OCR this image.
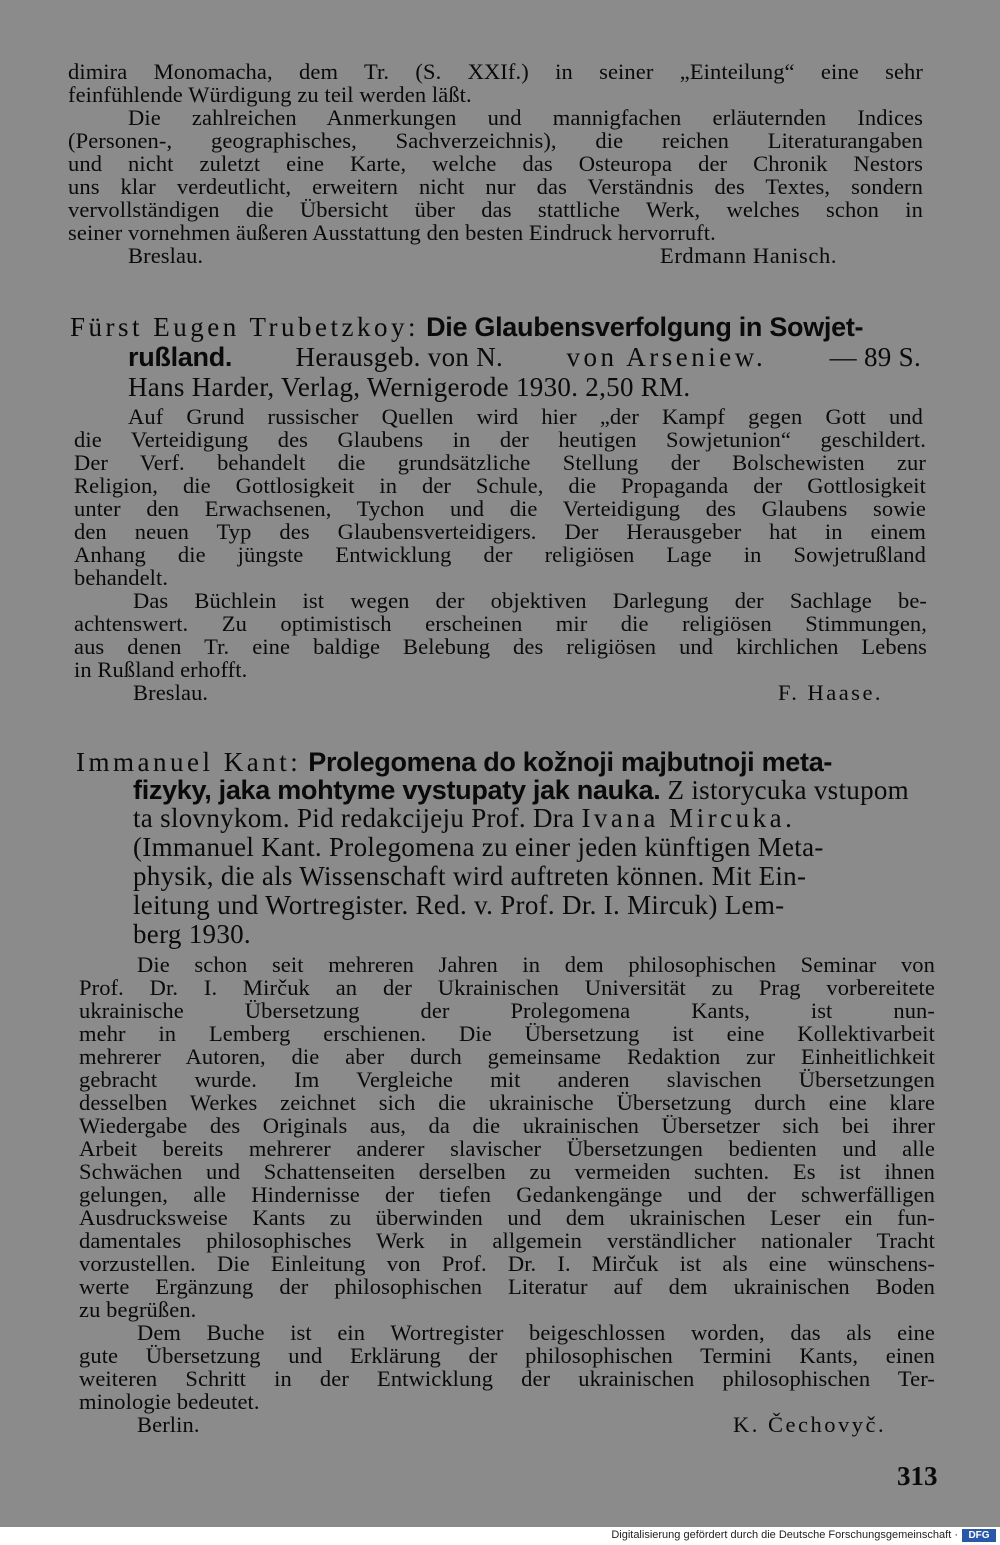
dimira Monomacha, dem Tr. (S. XXIf.) in seiner „Einteilung“ eine sehr
feinfühlende Würdigung zu teil werden läßt.
Die zahlreichen Anmerkungen und mannigfachen erläuternden Indices
(Personen-, geographisches, Sachverzeichnis), die reichen Literaturangaben
und nicht zuletzt eine Karte, welche das Osteuropa der Chronik Nestors
uns klar verdeutlicht, erweitern nicht nur das Verständnis des Textes, sondern
vervollständigen die Übersicht über das stattliche Werk, welches schon in
seiner vornehmen äußeren Ausstattung den besten Eindruck hervorruft.
Breslau.	Erdmann Hanisch.
Fürst Eugen Trubetzkoy: Die Glaubensverfolgung in Sowjet-
rußland. Herausgeb. von N. von Arseniew. — 89 S.
Hans Harder, Verlag, Wernigerode 1930. 2,50 RM.
Auf Grund russischer Quellen wird hier „der Kampf gegen Gott und
die Verteidigung des Glaubens in der heutigen Sowjetunion“ geschildert.
Der Verf. behandelt die grundsätzliche Stellung der Bolschewisten zur
Religion, die Gottlosigkeit in der Schule, die Propaganda der Gottlosigkeit
unter den Erwachsenen, Tychon und die Verteidigung des Glaubens sowie
den neuen Typ des Glaubensverteidigers. Der Herausgeber hat in einem
Anhang die jüngste Entwicklung der religiösen Lage in Sowjetrußland
behandelt.
Das Büchlein ist wegen der objektiven Darlegung der Sachlage be-
achtenswert. Zu optimistisch erscheinen mir die religiösen Stimmungen,
aus denen Tr. eine baldige Belebung des religiösen und kirchlichen Lebens
in Rußland erhofft.
Breslau.	F. Haase.
Immanuel Kant: Prolegomena do kožnoji majbutnoji meta-
fizyky, jaka mohtyme vystupaty jak nauka. Z istorycuka vstupom
ta slovnykom. Pid redakcijeju Prof. Dra Ivana Mircuka.
(Immanuel Kant. Prolegomena zu einer jeden künftigen Meta-
physik, die als Wissenschaft wird auftreten können. Mit Ein-
leitung und Wortregister. Red. v. Prof. Dr. I. Mircuk) Lem-
berg 1930.
Die schon seit mehreren Jahren in dem philosophischen Seminar von
Prof. Dr. I. Mirčuk an der Ukrainischen Universität zu Prag vorbereitete
ukrainische Übersetzung der Prolegomena Kants, ist nun-
mehr in Lemberg erschienen. Die Übersetzung ist eine Kollektivarbeit
mehrerer Autoren, die aber durch gemeinsame Redaktion zur Einheitlichkeit
gebracht wurde. Im Vergleiche mit anderen slavischen Übersetzungen
desselben Werkes zeichnet sich die ukrainische Übersetzung durch eine klare
Wiedergabe des Originals aus, da die ukrainischen Übersetzer sich bei ihrer
Arbeit bereits mehrerer anderer slavischer Übersetzungen bedienten und alle
Schwächen und Schattenseiten derselben zu vermeiden suchten. Es ist ihnen
gelungen, alle Hindernisse der tiefen Gedankengänge und der schwerfälligen
Ausdrucksweise Kants zu überwinden und dem ukrainischen Leser ein fun-
damentales philosophisches Werk in allgemein verständlicher nationaler Tracht
vorzustellen. Die Einleitung von Prof. Dr. I. Mirčuk ist als eine wünschens-
werte Ergänzung der philosophischen Literatur auf dem ukrainischen Boden
zu begrüßen.
Dem Buche ist ein Wortregister beigeschlossen worden, das als eine
gute Übersetzung und Erklärung der philosophischen Termini Kants, einen
weiteren Schritt in der Entwicklung der ukrainischen philosophischen Ter-
minologie bedeutet.
Berlin.	K. Čechovyč.
313
Digitalisierung gefördert durch die Deutsche Forschungsgemeinschaft ·	DFG
